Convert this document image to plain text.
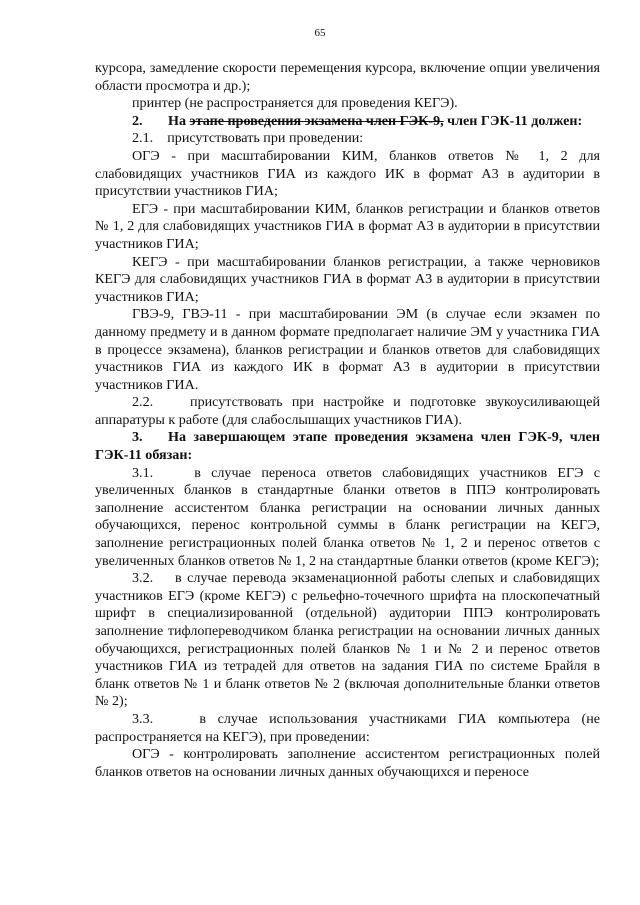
65

курсора, замедление скорости перемещения курсора, включение опции увеличения области просмотра и др.);

принтер (не распространяется для проведения КЕГЭ).

2. На этапе проведения экзамена член ГЭК-9, член ГЭК-11 должен:

2.1.    присутствовать при проведении:

ОГЭ - при масштабировании КИМ, бланков ответов № 1, 2 для слабовидящих участников ГИА из каждого ИК в формат А3 в аудитории в присутствии участников ГИА;

ЕГЭ - при масштабировании КИМ, бланков регистрации и бланков ответов № 1, 2 для слабовидящих участников ГИА в формат А3 в аудитории в присутствии участников ГИА;

КЕГЭ - при масштабировании бланков регистрации, а также черновиков КЕГЭ для слабовидящих участников ГИА в формат А3 в аудитории в присутствии участников ГИА;

ГВЭ-9, ГВЭ-11 - при масштабировании ЭМ (в случае если экзамен по данному предмету и в данном формате предполагает наличие ЭМ у участника ГИА в процессе экзамена), бланков регистрации и бланков ответов для слабовидящих участников ГИА из каждого ИК в формат А3 в аудитории в присутствии участников ГИА.

2.2.    присутствовать при настройке и подготовке звукоусиливающей аппаратуры к работе (для слабослышащих участников ГИА).

3. На завершающем этапе проведения экзамена член ГЭК-9, член ГЭК-11 обязан:

3.1.    в случае переноса ответов слабовидящих участников ЕГЭ с увеличенных бланков в стандартные бланки ответов в ППЭ контролировать заполнение ассистентом бланка регистрации на основании личных данных обучающихся, перенос контрольной суммы в бланк регистрации на КЕГЭ, заполнение регистрационных полей бланка ответов № 1, 2 и перенос ответов с увеличенных бланков ответов № 1, 2 на стандартные бланки ответов (кроме КЕГЭ);

3.2.    в случае перевода экзаменационной работы слепых и слабовидящих участников ЕГЭ (кроме КЕГЭ) с рельефно-точечного шрифта на плоскопечатный шрифт в специализированной (отдельной) аудитории ППЭ контролировать заполнение тифлопереводчиком бланка регистрации на основании личных данных обучающихся, регистрационных полей бланков № 1 и № 2 и перенос ответов участников ГИА из тетрадей для ответов на задания ГИА по системе Брайля в бланк ответов № 1 и бланк ответов № 2 (включая дополнительные бланки ответов № 2);

3.3.    в случае использования участниками ГИА компьютера (не распространяется на КЕГЭ), при проведении:

ОГЭ - контролировать заполнение ассистентом регистрационных полей бланков ответов на основании личных данных обучающихся и переносе
